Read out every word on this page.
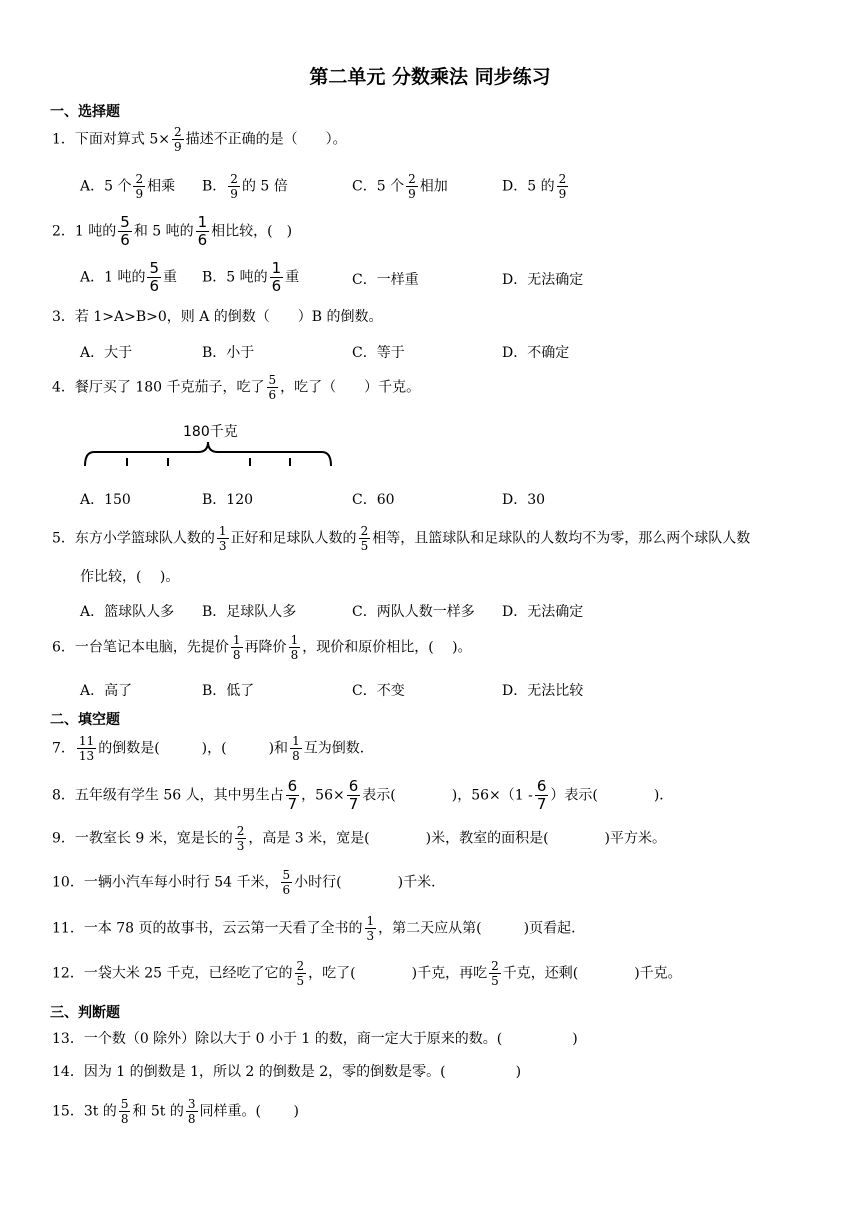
第二单元 分数乘法 同步练习
一、选择题
1．下面对算式 $5\times \frac{2}{9}$ 描述不正确的是（　　）。
A．5 个 $\frac{2}{9}$ 相乘 B． $\frac{2}{9}$ 的 5 倍	C．5 个 $\frac{2}{9}$ 相加	D．5 的 $\frac{2}{9}$
2．1 吨的 $\frac{5}{6}$ 和 5 吨的 $\frac{1}{6}$ 相比较，(　)
A．1 吨的 $\frac{5}{6}$ 重 B．5 吨的 $\frac{1}{6}$ 重	C．一样重	D．无法确定
3．若 1>A>B>0，则 A 的倒数（　　）B 的倒数。
A．大于	B．小于	C．等于	D．不确定
4．餐厅买了 180 千克茄子，吃了 $\frac{5}{6}$ ，吃了（　　）千克。
180千克
A．150	B．120	C．60	D．30
5．东方小学篮球队人数的 $\frac{1}{3}$ 正好和足球队人数的 $\frac{2}{5}$ 相等，且篮球队和足球队的人数均不为零，那么两个球队人数
作比较，(　 )。
A．篮球队人多 B．足球队人多	C．两队人数一样多 D．无法确定
6．一台笔记本电脑，先提价 $\frac{1}{8}$ 再降价 $\frac{1}{8}$ ，现价和原价相比，(　 )。
A．高了	B．低了	C．不变	D．无法比较
二、填空题
7． $\frac{11}{13}$ 的倒数是(　　　)，(　　　)和 $\frac{1}{8}$ 互为倒数．
8．五年级有学生 56 人，其中男生占 $\frac{6}{7}$ ，$56\times \frac{6}{7}$ 表示(　　　　)，$56\times(1 - \frac{6}{7}$ ）表示(　　　　)．
9．一教室长 9 米，宽是长的 $\frac{2}{3}$ ，高是 3 米，宽是(　　　　)米，教室的面积是(　　　　)平方米。
10．一辆小汽车每小时行 54 千米， $\frac{5}{6}$ 小时行(　　　　)千米．
11．一本 78 页的故事书，云云第一天看了全书的 $\frac{1}{3}$ ，第二天应从第(　　　)页看起．
12．一袋大米 25 千克，已经吃了它的 $\frac{2}{5}$ ，吃了(　　　　)千克，再吃 $\frac{2}{5}$ 千克，还剩(　　　　)千克。
三、判断题
13．一个数（0 除外）除以大于 0 小于 1 的数，商一定大于原来的数。(　　　　　)
14．因为 1 的倒数是 1，所以 2 的倒数是 2，零的倒数是零。(　　　　　)
15．3t 的 $\frac{5}{8}$ 和 5t 的 $\frac{3}{8}$ 同样重。(　　 )
